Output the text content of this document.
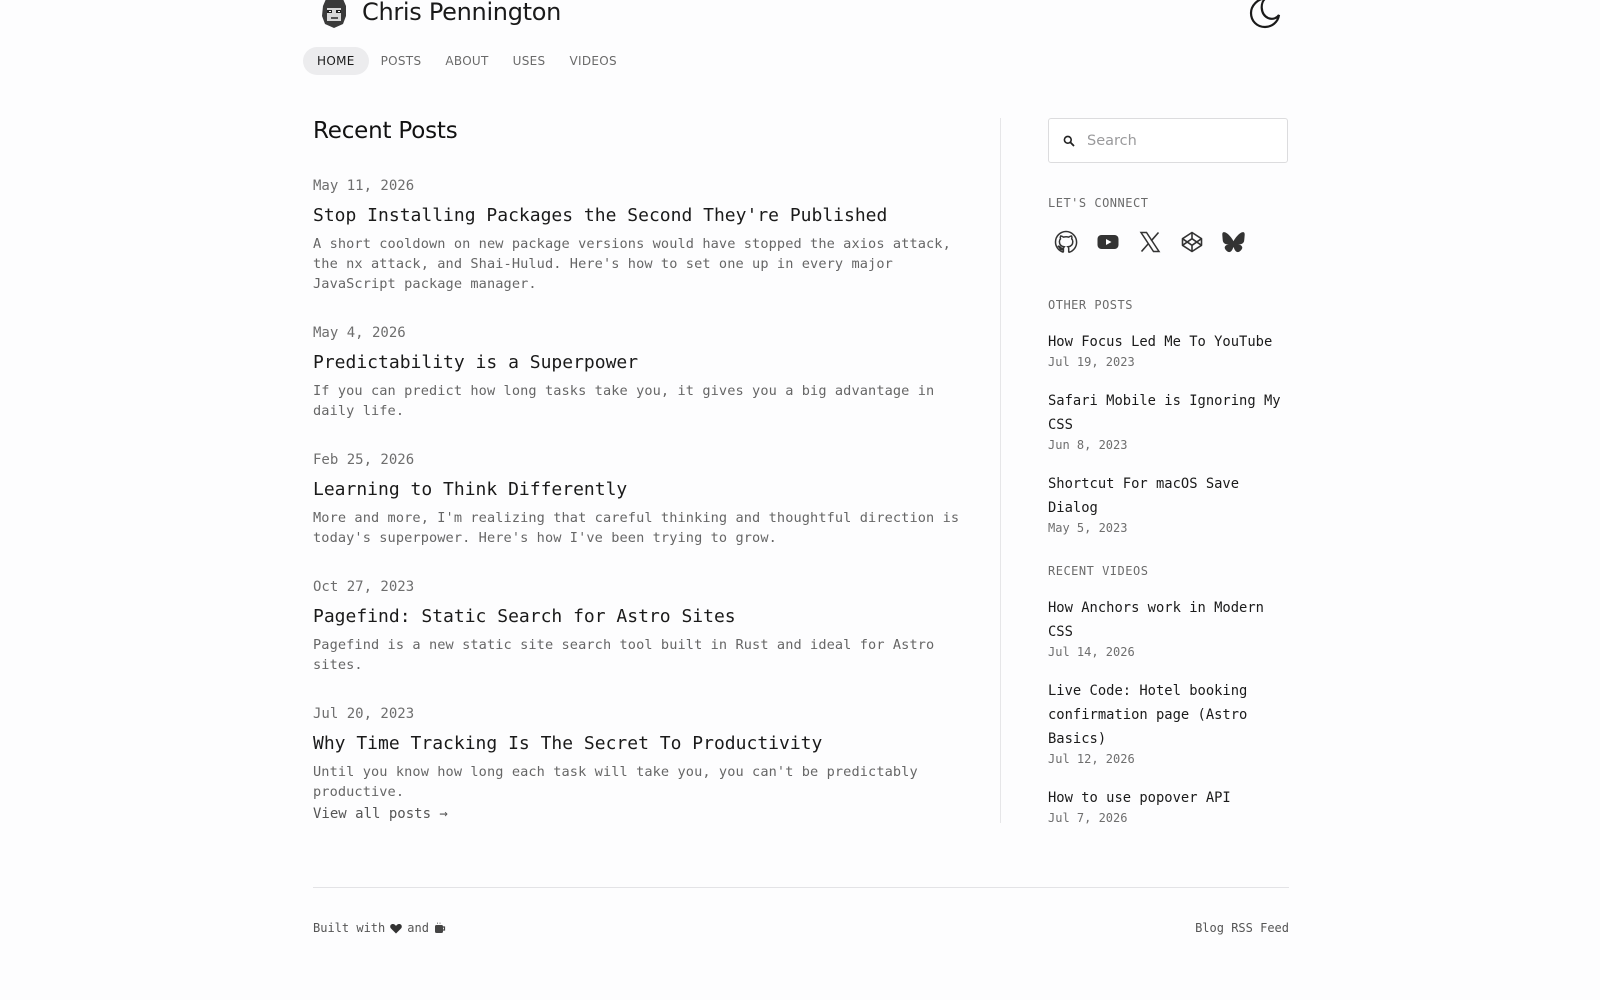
Chris Pennington
HOME	POSTS	ABOUT	USES	VIDEOS
Recent Posts
May 11, 2026
Stop Installing Packages the Second They're Published

A short cooldown on new package versions would have stopped the axios attack, the nx attack, and Shai-Hulud. Here's how to set one up in every major JavaScript package manager.

May 4, 2026
Predictability is a Superpower

If you can predict how long tasks take you, it gives you a big advantage in daily life.

Feb 25, 2026
Learning to Think Differently

More and more, I'm realizing that careful thinking and thoughtful direction is today's superpower. Here's how I've been trying to grow.

Oct 27, 2023
Pagefind: Static Search for Astro Sites

Pagefind is a new static site search tool built in Rust and ideal for Astro sites.

Jul 20, 2023
Why Time Tracking Is The Secret To Productivity

Until you know how long each task will take you, you can't be predictably productive.

View all posts →
Search
LET'S CONNECT
OTHER POSTS
How Focus Led Me To YouTube
Jul 19, 2023
Safari Mobile is Ignoring My CSS
Jun 8, 2023
Shortcut For macOS Save Dialog
May 5, 2023
RECENT VIDEOS
How Anchors work in Modern CSS
Jul 14, 2026
Live Code: Hotel booking confirmation page (Astro Basics)
Jul 12, 2026
How to use popover API
Jul 7, 2026
Built with and	Blog RSS Feed
